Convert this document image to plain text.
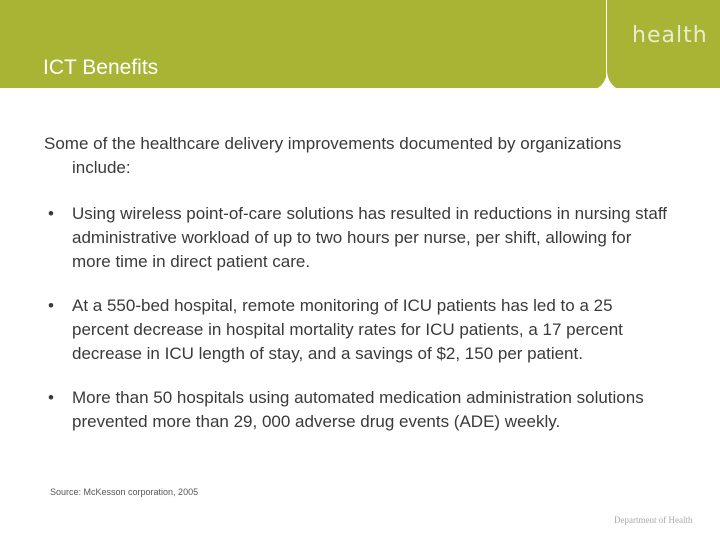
health
ICT Benefits

Some of the healthcare delivery improvements documented by organizations include:

• Using wireless point-of-care solutions has resulted in reductions in nursing staff administrative workload of up to two hours per nurse, per shift, allowing for more time in direct patient care.
• At a 550-bed hospital, remote monitoring of ICU patients has led to a 25 percent decrease in hospital mortality rates for ICU patients, a 17 percent decrease in ICU length of stay, and a savings of $2, 150 per patient.
• More than 50 hospitals using automated medication administration solutions prevented more than 29, 000 adverse drug events (ADE) weekly.
Source: McKesson corporation, 2005
Department of Health
